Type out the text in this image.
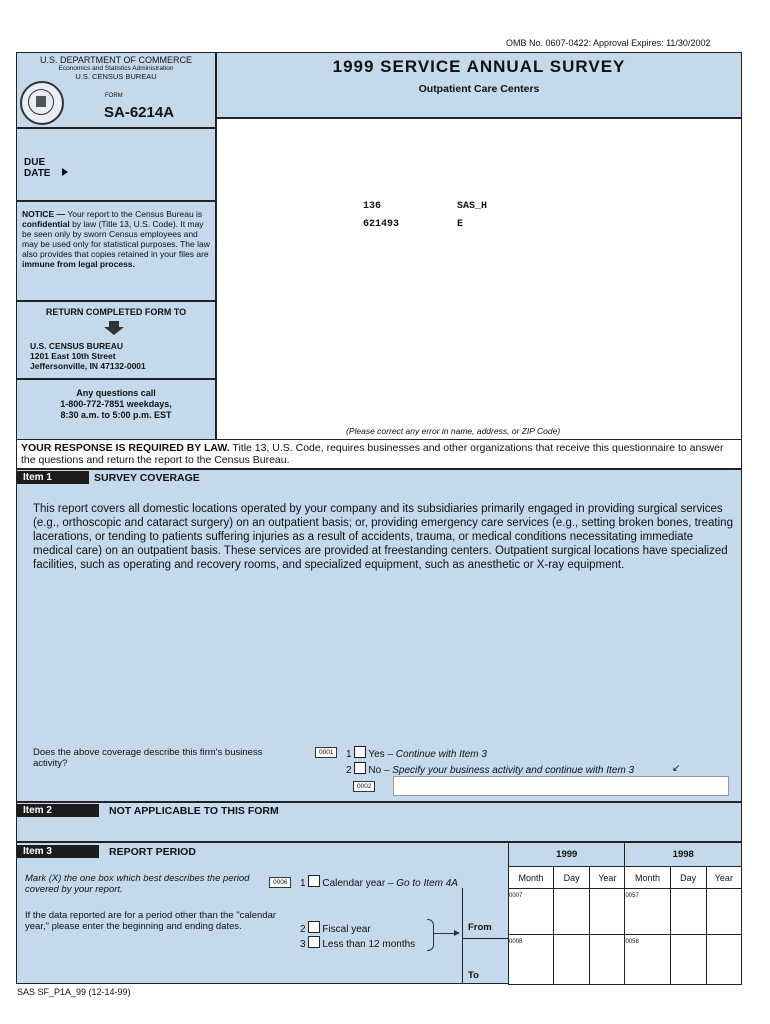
OMB No. 0607-0422: Approval Expires: 11/30/2002
U.S. DEPARTMENT OF COMMERCE
Economics and Statistics Administration
U.S. CENSUS BUREAU
FORM
SA-6214A
DUE DATE
NOTICE — Your report to the Census Bureau is confidential by law (Title 13, U.S. Code). It may be seen only by sworn Census employees and may be used only for statistical purposes. The law also provides that copies retained in your files are immune from legal process.
RETURN COMPLETED FORM TO
U.S. CENSUS BUREAU
1201 East 10th Street
Jeffersonville, IN 47132-0001
Any questions call
1-800-772-7851 weekdays,
8:30 a.m. to 5:00 p.m. EST
1999 SERVICE ANNUAL SURVEY
Outpatient Care Centers
136	SAS_H
621493	E
(Please correct any error in name, address, or ZIP Code)
YOUR RESPONSE IS REQUIRED BY LAW. Title 13, U.S. Code, requires businesses and other organizations that receive this questionnaire to answer the questions and return the report to the Census Bureau.
Item 1	SURVEY COVERAGE
This report covers all domestic locations operated by your company and its subsidiaries primarily engaged in providing surgical services (e.g., orthoscopic and cataract surgery) on an outpatient basis; or, providing emergency care services (e.g., setting broken bones, treating lacerations, or tending to patients suffering injuries as a result of accidents, trauma, or medical conditions necessitating immediate medical care) on an outpatient basis. These services are provided at freestanding centers. Outpatient surgical locations have specialized facilities, such as operating and recovery rooms, and specialized equipment, such as anesthetic or X-ray equipment.
Does the above coverage describe this firm's business activity?
0001	1 Yes – Continue with Item 3
2 No – Specify your business activity and continue with Item 3	↙
0002
Item 2	NOT APPLICABLE TO THIS FORM
Item 3	REPORT PERIOD
Mark (X) the one box which best describes the period covered by your report.
0006	1 Calendar year – Go to Item 4A
If the data reported are for a period other than the "calendar year," please enter the beginning and ending dates.	2 Fiscal year
3 Less than 12 months
From
To
1999			1998		
Month	Day	Year	Month	Day	Year
0007			0057		
0008			0058		
SAS SF_P1A_99 (12-14-99)
